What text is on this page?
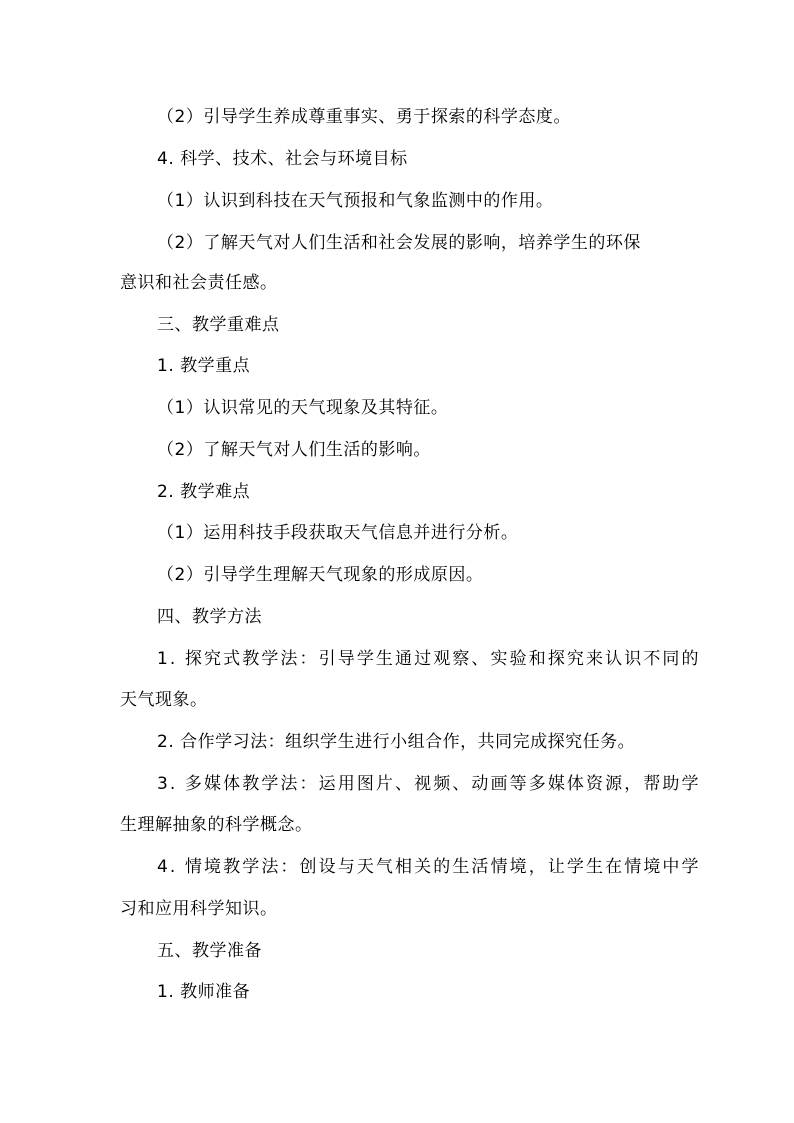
（2）引导学生养成尊重事实、勇于探索的科学态度。
4. 科学、技术、社会与环境目标
（1）认识到科技在天气预报和气象监测中的作用。
（2）了解天气对人们生活和社会发展的影响，培养学生的环保
意识和社会责任感。
三、教学重难点
1. 教学重点
（1）认识常见的天气现象及其特征。
（2）了解天气对人们生活的影响。
2. 教学难点
（1）运用科技手段获取天气信息并进行分析。
（2）引导学生理解天气现象的形成原因。
四、教学方法
1. 探究式教学法：引导学生通过观察、实验和探究来认识不同的
天气现象。
2. 合作学习法：组织学生进行小组合作，共同完成探究任务。
3. 多媒体教学法：运用图片、视频、动画等多媒体资源，帮助学
生理解抽象的科学概念。
4. 情境教学法：创设与天气相关的生活情境，让学生在情境中学
习和应用科学知识。
五、教学准备
1. 教师准备
